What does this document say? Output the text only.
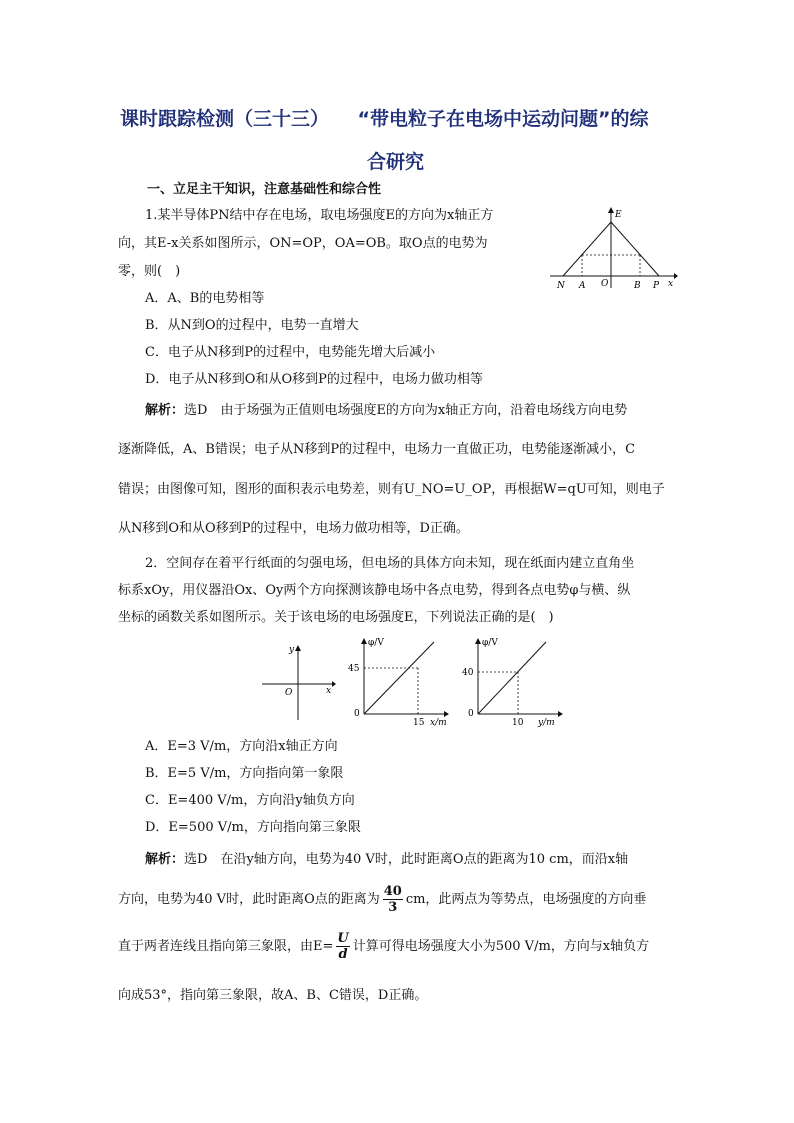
课时跟踪检测（三十三）　　“带电粒子在电场中运动问题”的综
合研究
一、立足主干知识，注意基础性和综合性
1.某半导体PN结中存在电场，取电场强度E的方向为x轴正方
向，其E-x关系如图所示，ON=OP，OA=OB。取O点的电势为
零，则(　)
E
N A O	B P x
A．A、B的电势相等
B．从N到O的过程中，电势一直增大
C．电子从N移到P的过程中，电势能先增大后减小
D．电子从N移到O和从O移到P的过程中，电场力做功相等
解析：选D　由于场强为正值则电场强度E的方向为x轴正方向，沿着电场线方向电势
逐渐降低，A、B错误；电子从N移到P的过程中，电场力一直做正功，电势能逐渐减小，C
错误；由图像可知，图形的面积表示电势差，则有U_NO=U_OP，再根据W=qU可知，则电子
从N移到O和从O移到P的过程中，电场力做功相等，D正确。
2．空间存在着平行纸面的匀强电场，但电场的具体方向未知，现在纸面内建立直角坐
标系xOy，用仪器沿Ox、Oy两个方向探测该静电场中各点电势，得到各点电势φ与横、纵
坐标的函数关系如图所示。关于该电场的电场强度E，下列说法正确的是(　)
y
O	x
φ/V
45
0
15 x/m
φ/V
40
0
10 y/m
A．E=3 V/m，方向沿x轴正方向
B．E=5 V/m，方向指向第一象限
C．E=400 V/m，方向沿y轴负方向
D．E=500 V/m，方向指向第三象限
解析：选D　在沿y轴方向，电势为40 V时，此时距离O点的距离为10 cm，而沿x轴
方向，电势为40 V时，此时距离O点的距离为 $\frac{40}{3}$ cm，此两点为等势点，电场强度的方向垂
直于两者连线且指向第三象限，由$E= \frac{U}{d}$ 计算可得电场强度大小为500 V/m，方向与x轴负方
向成53°，指向第三象限，故A、B、C错误，D正确。
